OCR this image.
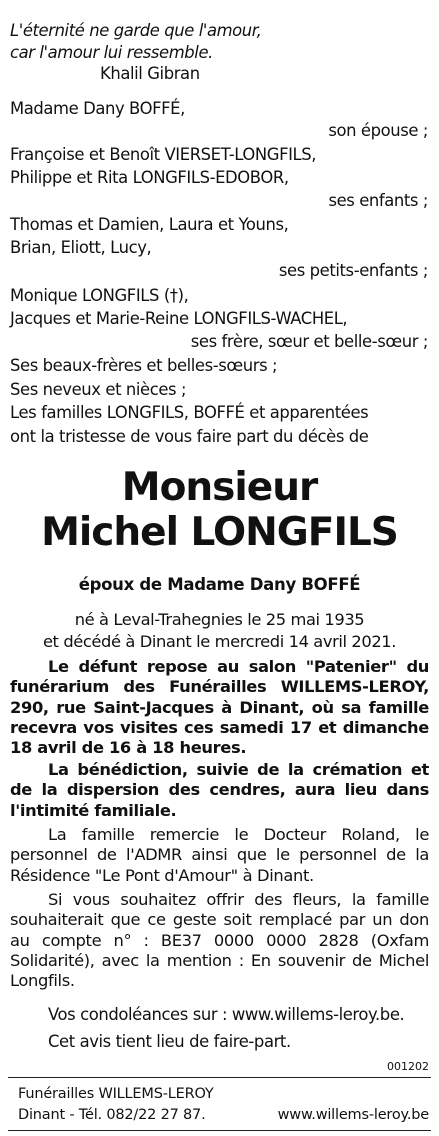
L'éternité ne garde que l'amour,
car l'amour lui ressemble.
Khalil Gibran
Madame Dany BOFFÉ,
son épouse ;
Françoise et Benoît VIERSET-LONGFILS,
Philippe et Rita LONGFILS-EDOBOR,
ses enfants ;
Thomas et Damien, Laura et Youns,
Brian, Eliott, Lucy,
ses petits-enfants ;
Monique LONGFILS (†),
Jacques et Marie-Reine LONGFILS-WACHEL,
ses frère, sœur et belle-sœur ;
Ses beaux-frères et belles-sœurs ;
Ses neveux et nièces ;
Les familles LONGFILS, BOFFÉ et apparentées
ont la tristesse de vous faire part du décès de
Monsieur
Michel LONGFILS
époux de Madame Dany BOFFÉ
né à Leval-Trahegnies le 25 mai 1935
et décédé à Dinant le mercredi 14 avril 2021.
Le défunt repose au salon "Patenier" du funérarium des Funérailles WILLEMS-LEROY, 290, rue Saint-Jacques à Dinant, où sa famille recevra vos visites ces samedi 17 et dimanche 18 avril de 16 à 18 heures.
La bénédiction, suivie de la crémation et de la dispersion des cendres, aura lieu dans l'intimité familiale.
La famille remercie le Docteur Roland, le personnel de l'ADMR ainsi que le personnel de la Résidence "Le Pont d'Amour" à Dinant.
Si vous souhaitez offrir des fleurs, la famille souhaiterait que ce geste soit remplacé par un don au compte n° : BE37 0000 0000 2828 (Oxfam Solidarité), avec la mention : En souvenir de Michel Longfils.
Vos condoléances sur : www.willems-leroy.be.
Cet avis tient lieu de faire-part.
001202
Funérailles WILLEMS-LEROY
Dinant - Tél. 082/22 27 87.	www.willems-leroy.be
